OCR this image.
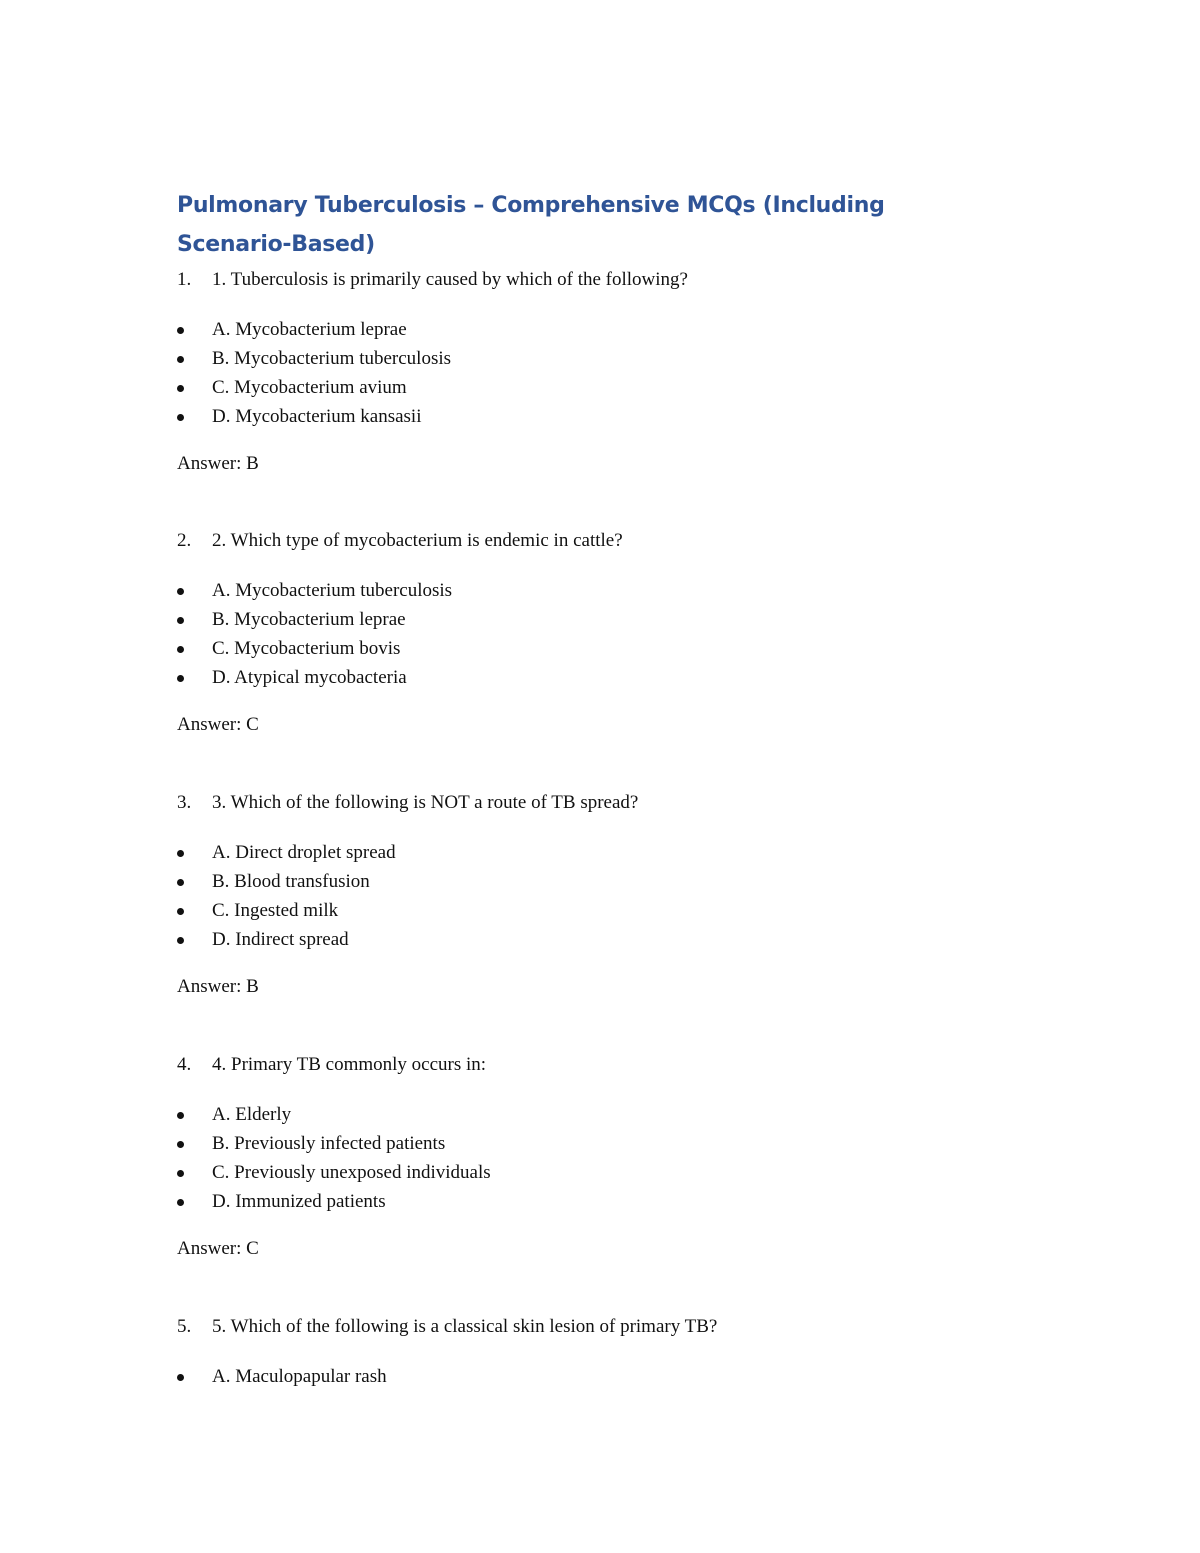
Pulmonary Tuberculosis – Comprehensive MCQs (Including Scenario-Based)
1. 1. Tuberculosis is primarily caused by which of the following?
A. Mycobacterium leprae
B. Mycobacterium tuberculosis
C. Mycobacterium avium
D. Mycobacterium kansasii
Answer: B
2. 2. Which type of mycobacterium is endemic in cattle?
A. Mycobacterium tuberculosis
B. Mycobacterium leprae
C. Mycobacterium bovis
D. Atypical mycobacteria
Answer: C
3. 3. Which of the following is NOT a route of TB spread?
A. Direct droplet spread
B. Blood transfusion
C. Ingested milk
D. Indirect spread
Answer: B
4. 4. Primary TB commonly occurs in:
A. Elderly
B. Previously infected patients
C. Previously unexposed individuals
D. Immunized patients
Answer: C
5. 5. Which of the following is a classical skin lesion of primary TB?
A. Maculopapular rash
